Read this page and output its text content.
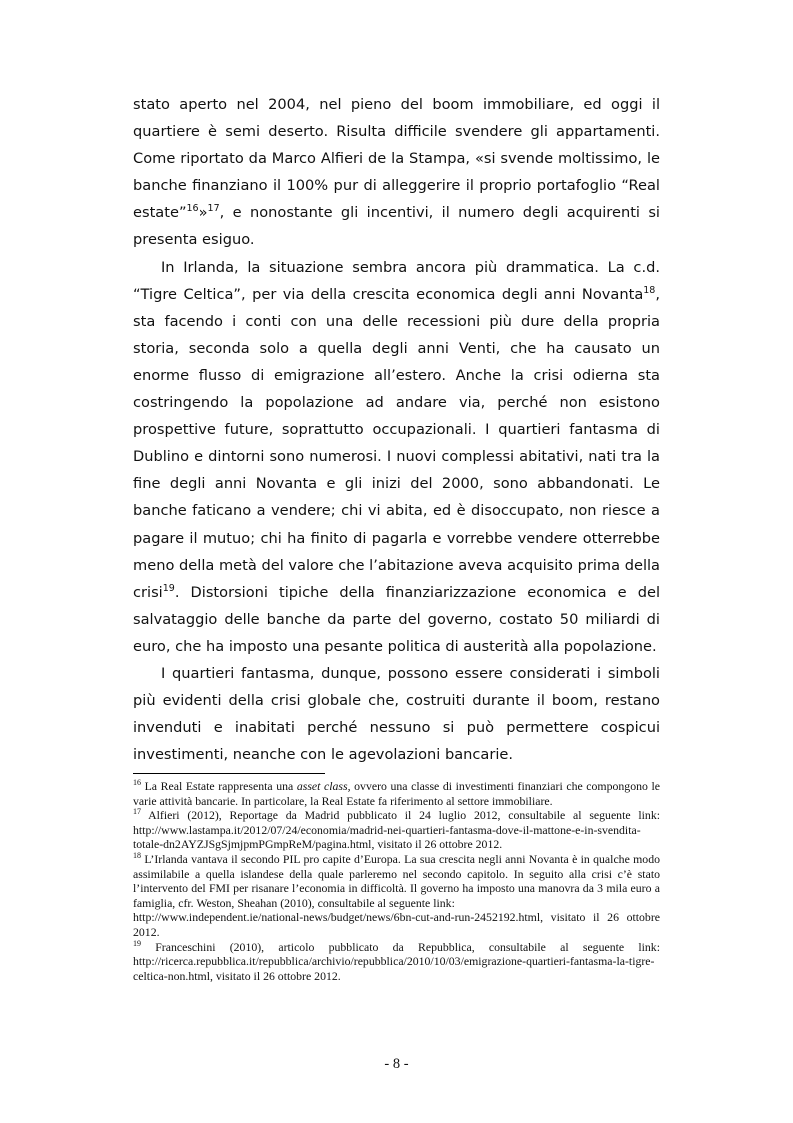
stato aperto nel 2004, nel pieno del boom immobiliare, ed oggi il quartiere è semi deserto. Risulta difficile svendere gli appartamenti. Come riportato da Marco Alfieri de la Stampa, «si svende moltissimo, le banche finanziano il 100% pur di alleggerire il proprio portafoglio “Real estate”$^{16}$»$^{17}$, e nonostante gli incentivi, il numero degli acquirenti si presenta esiguo.

In Irlanda, la situazione sembra ancora più drammatica. La c.d. “Tigre Celtica”, per via della crescita economica degli anni Novanta$^{18}$, sta facendo i conti con una delle recessioni più dure della propria storia, seconda solo a quella degli anni Venti, che ha causato un enorme flusso di emigrazione all’estero. Anche la crisi odierna sta costringendo la popolazione ad andare via, perché non esistono prospettive future, soprattutto occupazionali. I quartieri fantasma di Dublino e dintorni sono numerosi. I nuovi complessi abitativi, nati tra la fine degli anni Novanta e gli inizi del 2000, sono abbandonati. Le banche faticano a vendere; chi vi abita, ed è disoccupato, non riesce a pagare il mutuo; chi ha finito di pagarla e vorrebbe vendere otterrebbe meno della metà del valore che l’abitazione aveva acquisito prima della crisi$^{19}$. Distorsioni tipiche della finanziarizzazione economica e del salvataggio delle banche da parte del governo, costato 50 miliardi di euro, che ha imposto una pesante politica di austerità alla popolazione.

I quartieri fantasma, dunque, possono essere considerati i simboli più evidenti della crisi globale che, costruiti durante il boom, restano invenduti e inabitati perché nessuno si può permettere cospicui investimenti, neanche con le agevolazioni bancarie.

$^{16}$ La Real Estate rappresenta una asset class, ovvero una classe di investimenti finanziari che compongono le varie attività bancarie. In particolare, la Real Estate fa riferimento al settore immobiliare.

$^{17}$ Alfieri (2012), Reportage da Madrid pubblicato il 24 luglio 2012, consultabile al seguente link: http://www.lastampa.it/2012/07/24/economia/madrid-nei-quartieri-fantasma-dove-il-mattone-e-in-svendita-totale-dn2AYZJSgSjmjpmPGmpReM/pagina.html, visitato il 26 ottobre 2012.

$^{18}$ L’Irlanda vantava il secondo PIL pro capite d’Europa. La sua crescita negli anni Novanta è in qualche modo assimilabile a quella islandese della quale parleremo nel secondo capitolo. In seguito alla crisi c’è stato l’intervento del FMI per risanare l’economia in difficoltà. Il governo ha imposto una manovra da 3 mila euro a famiglia, cfr. Weston, Sheahan (2010), consultabile al seguente link:

http://www.independent.ie/national-news/budget/news/6bn-cut-and-run-2452192.html, visitato il 26 ottobre 2012.

$^{19}$ Franceschini (2010), articolo pubblicato da Repubblica, consultabile al seguente link: http://ricerca.repubblica.it/repubblica/archivio/repubblica/2010/10/03/emigrazione-quartieri-fantasma-la-tigre-celtica-non.html, visitato il 26 ottobre 2012.

- 8 -
